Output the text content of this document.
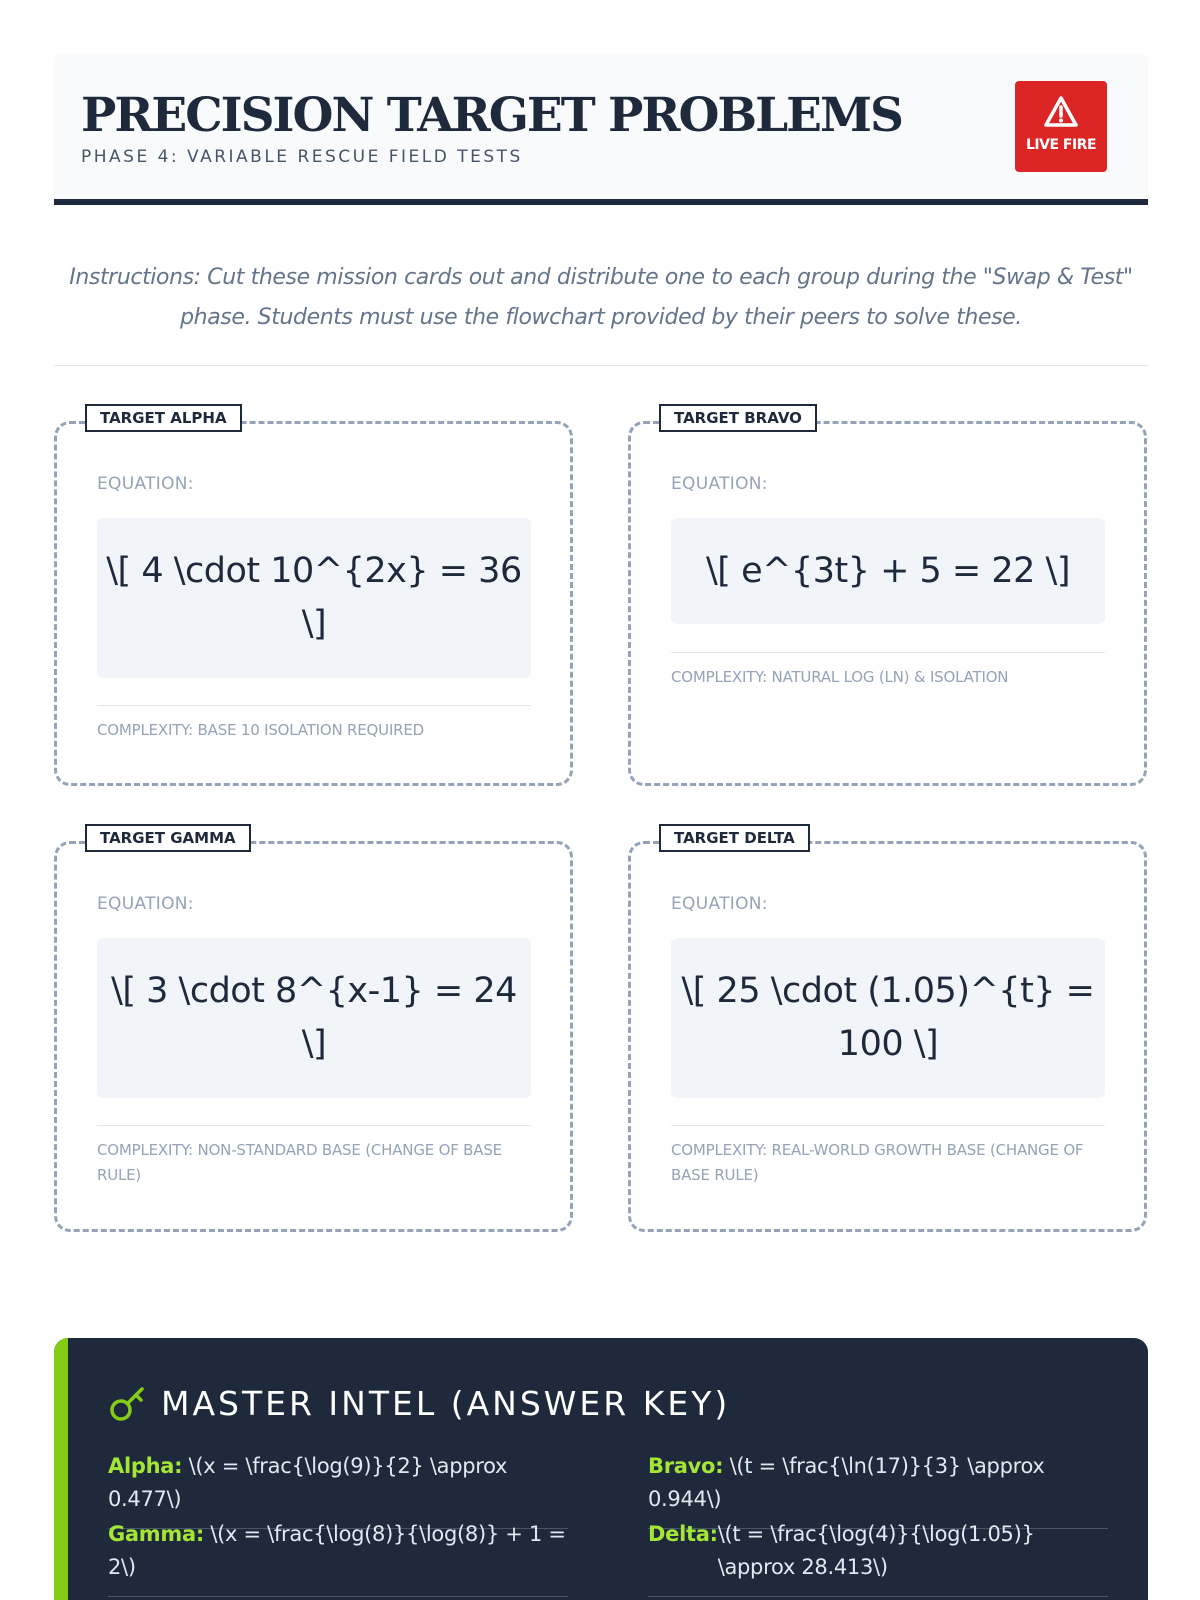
PRECISION TARGET PROBLEMS
PHASE 4: VARIABLE RESCUE FIELD TESTS
LIVE FIRE
Instructions: Cut these mission cards out and distribute one to each group during the "Swap & Test" phase. Students must use the flowchart provided by their peers to solve these.
TARGET ALPHA
EQUATION:
\[ 4 \cdot 10^{2x} = 36 \]
COMPLEXITY: BASE 10 ISOLATION REQUIRED
TARGET BRAVO
EQUATION:
\[ e^{3t} + 5 = 22 \]
COMPLEXITY: NATURAL LOG (LN) & ISOLATION
TARGET GAMMA
EQUATION:
\[ 3 \cdot 8^{x-1} = 24 \]
COMPLEXITY: NON-STANDARD BASE (CHANGE OF BASE RULE)
TARGET DELTA
EQUATION:
\[ 25 \cdot (1.05)^{t} = 100 \]
COMPLEXITY: REAL-WORLD GROWTH BASE (CHANGE OF BASE RULE)
MASTER INTEL (ANSWER KEY)
Alpha: \(x = \frac{\log(9)}{2} \approx 0.477\)
Bravo: \(t = \frac{\ln(17)}{3} \approx 0.944\)
Gamma: \(x = \frac{\log(8)}{\log(8)} + 1 = 2\)
Delta: \(t = \frac{\log(4)}{\log(1.05)} \approx 28.413\)
